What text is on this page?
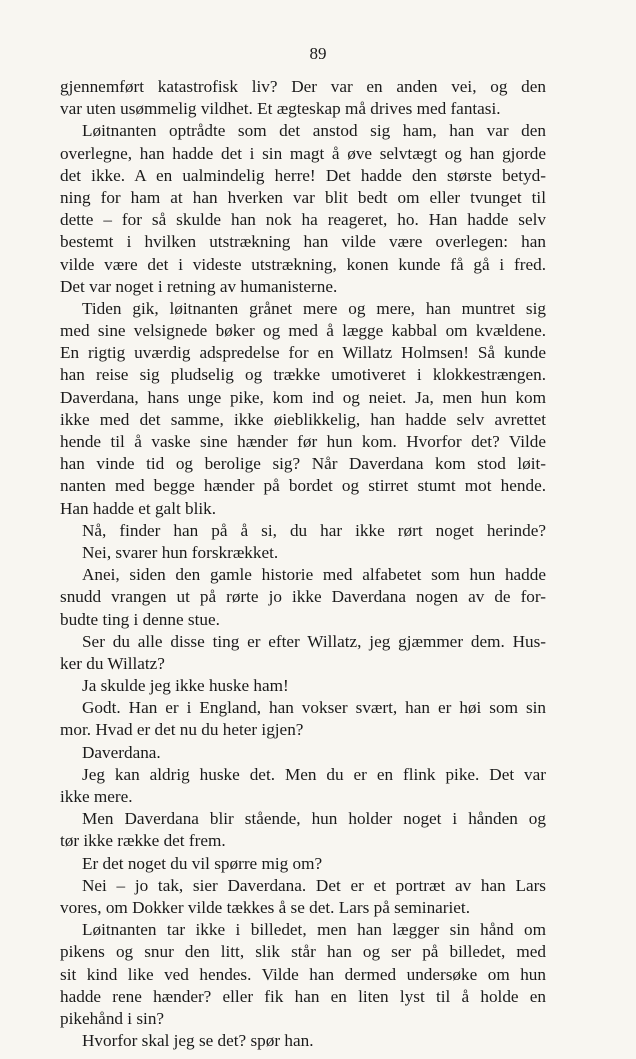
89
gjennemført katastrofisk liv? Der var en anden vei, og den
var uten usømmelig vildhet. Et ægteskap må drives med fantasi.
Løitnanten optrådte som det anstod sig ham, han var den
overlegne, han hadde det i sin magt å øve selvtægt og han gjorde
det ikke. A en ualmindelig herre! Det hadde den største betyd-
ning for ham at han hverken var blit bedt om eller tvunget til
dette – for så skulde han nok ha reageret, ho. Han hadde selv
bestemt i hvilken utstrækning han vilde være overlegen: han
vilde være det i videste utstrækning, konen kunde få gå i fred.
Det var noget i retning av humanisterne.
Tiden gik, løitnanten grånet mere og mere, han muntret sig
med sine velsignede bøker og med å lægge kabbal om kvældene.
En rigtig uværdig adspredelse for en Willatz Holmsen! Så kunde
han reise sig pludselig og trække umotiveret i klokkestrængen.
Daverdana, hans unge pike, kom ind og neiet. Ja, men hun kom
ikke med det samme, ikke øieblikkelig, han hadde selv avrettet
hende til å vaske sine hænder før hun kom. Hvorfor det? Vilde
han vinde tid og berolige sig? Når Daverdana kom stod løit-
nanten med begge hænder på bordet og stirret stumt mot hende.
Han hadde et galt blik.
Nå, finder han på å si, du har ikke rørt noget herinde?
Nei, svarer hun forskrækket.
Anei, siden den gamle historie med alfabetet som hun hadde
snudd vrangen ut på rørte jo ikke Daverdana nogen av de for-
budte ting i denne stue.
Ser du alle disse ting er efter Willatz, jeg gjæmmer dem. Hus-
ker du Willatz?
Ja skulde jeg ikke huske ham!
Godt. Han er i England, han vokser svært, han er høi som sin
mor. Hvad er det nu du heter igjen?
Daverdana.
Jeg kan aldrig huske det. Men du er en flink pike. Det var
ikke mere.
Men Daverdana blir stående, hun holder noget i hånden og
tør ikke række det frem.
Er det noget du vil spørre mig om?
Nei – jo tak, sier Daverdana. Det er et portræt av han Lars
vores, om Dokker vilde tækkes å se det. Lars på seminariet.
Løitnanten tar ikke i billedet, men han lægger sin hånd om
pikens og snur den litt, slik står han og ser på billedet, med
sit kind like ved hendes. Vilde han dermed undersøke om hun
hadde rene hænder? eller fik han en liten lyst til å holde en
pikehånd i sin?
Hvorfor skal jeg se det? spør han.
